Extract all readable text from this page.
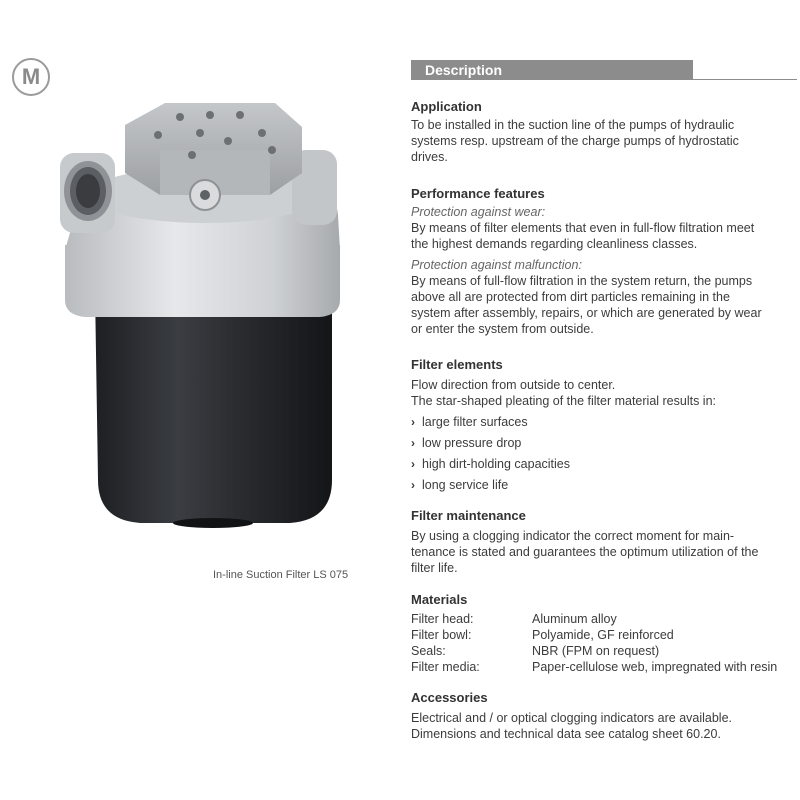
M
In-line Suction Filter LS 075
Description
Application

To be installed in the suction line of the pumps of hydraulic

systems resp. upstream of the charge pumps of hydrostatic

drives.

Performance features

Protection against wear:

By means of filter elements that even in full-flow filtration meet

the highest demands regarding cleanliness classes.

Protection against malfunction:

By means of full-flow filtration in the system return, the pumps

above all are protected from dirt particles remaining in the

system after assembly, repairs, or which are generated by wear

or enter the system from outside.

Filter elements

Flow direction from outside to center.

The star-shaped pleating of the filter material results in:

› large filter surfaces
› low pressure drop
› high dirt-holding capacities
› long service life
Filter maintenance

By using a clogging indicator the correct moment for main-

tenance is stated and guarantees the optimum utilization of the

filter life.

Materials
Filter head:	Aluminum alloy
Filter bowl:	Polyamide, GF reinforced
Seals:	NBR (FPM on request)
Filter media:	Paper-cellulose web, impregnated with resin
Accessories

Electrical and / or optical clogging indicators are available.

Dimensions and technical data see catalog sheet 60.20.
